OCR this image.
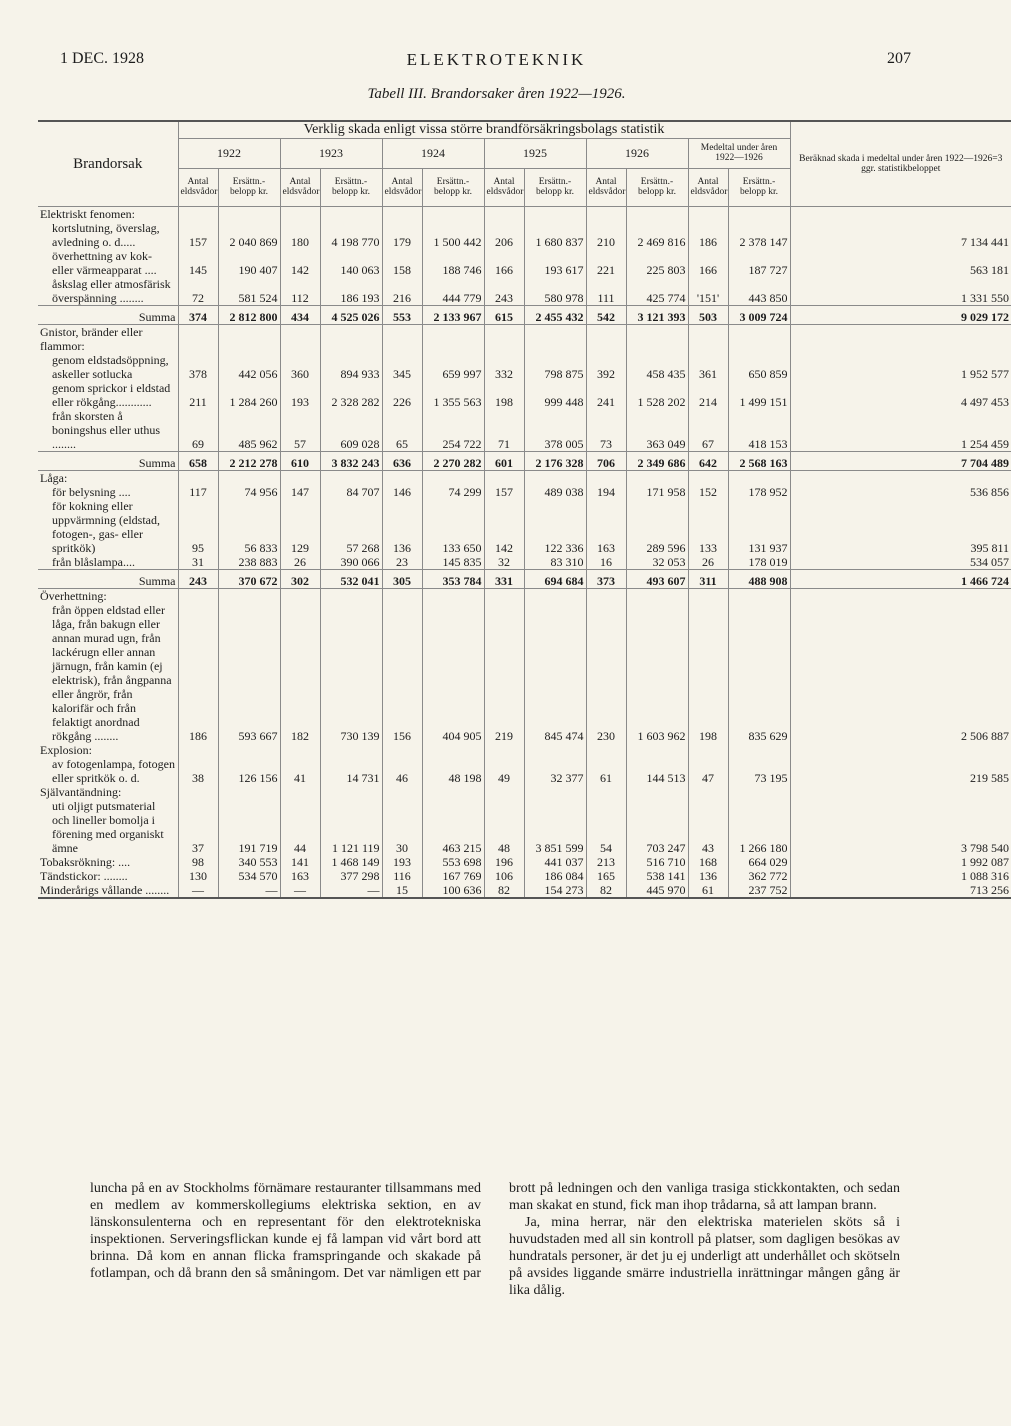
1 DEC. 1928	ELEKTROTEKNIK	207
Tabell III. Brandorsaker åren 1922—1926.
Brandorsak	Verklig skada enligt vissa större brandförsäkringsbolags statistik												Beräknad skada i medeltal under åren 1922—1926=3 ggr. statistikbeloppet
	1922		1923		1924		1925		1926		Medeltal under åren 1922—1926		
	Antal eldsvådor	Ersättn.-belopp kr.	Antal eldsvådor	Ersättn.-belopp kr.	Antal eldsvådor	Ersättn.-belopp kr.	Antal eldsvådor	Ersättn.-belopp kr.	Antal eldsvådor	Ersättn.-belopp kr.	Antal eldsvådor	Ersättn.-belopp kr.	
Elektriskt fenomen:
kortslutning, överslag, avledning o. d.....	157	2 040 869	180	4 198 770	179	1 500 442	206	1 680 837	210	2 469 816	186	2 378 147	7 134 441

överhettning av kok- eller värmeapparat ....	145	190 407	142	140 063	158	188 746	166	193 617	221	225 803	166	187 727	563 181

åskslag eller atmosfärisk överspänning ........	72	581 524	112	186 193	216	444 779	243	580 978	111	425 774	'151'	443 850	1 331 550

Summa	374	2 812 800	434	4 525 026	553	2 133 967	615	2 455 432	542	3 121 393	503	3 009 724	9 029 172
Gnistor, bränder eller flammor:
genom eldstadsöppning, askeller sotlucka	378	442 056	360	894 933	345	659 997	332	798 875	392	458 435	361	650 859	1 952 577

genom sprickor i eldstad eller rökgång............	211	1 284 260	193	2 328 282	226	1 355 563	198	999 448	241	1 528 202	214	1 499 151	4 497 453

från skorsten å boningshus eller uthus ........	69	485 962	57	609 028	65	254 722	71	378 005	73	363 049	67	418 153	1 254 459

Summa	658	2 212 278	610	3 832 243	636	2 270 282	601	2 176 328	706	2 349 686	642	2 568 163	7 704 489
Låga:
för belysning ....	117	74 956	147	84 707	146	74 299	157	489 038	194	171 958	152	178 952	536 856

för kokning eller uppvärmning (eldstad, fotogen-, gas- eller spritkök)	95	56 833	129	57 268	136	133 650	142	122 336	163	289 596	133	131 937	395 811

från blåslampa....	31	238 883	26	390 066	23	145 835	32	83 310	16	32 053	26	178 019	534 057

Summa	243	370 672	302	532 041	305	353 784	331	694 684	373	493 607	311	488 908	1 466 724
Överhettning:
från öppen eldstad eller låga, från bakugn eller annan murad ugn, från lackérugn eller annan järnugn, från kamin (ej elektrisk), från ångpanna eller ångrör, från kalorifär och från felaktigt anordnad rökgång ........	186	593 667	182	730 139	156	404 905	219	845 474	230	1 603 962	198	835 629	2 506 887
Explosion:
av fotogenlampa, fotogen eller spritkök o. d.	38	126 156	41	14 731	46	48 198	49	32 377	61	144 513	47	73 195	219 585
Självantändning:
uti oljigt putsmaterial och lineller bomolja i förening med organiskt ämne	37	191 719	44	1 121 119	30	463 215	48	3 851 599	54	703 247	43	1 266 180	3 798 540
Tobaksrökning: ....	98	340 553	141	1 468 149	193	553 698	196	441 037	213	516 710	168	664 029	1 992 087
Tändstickor: ........	130	534 570	163	377 298	116	167 769	106	186 084	165	538 141	136	362 772	1 088 316
Minderårigs vållande ........	—	—	—	—	15	100 636	82	154 273	82	445 970	61	237 752	713 256

luncha på en av Stockholms förnämare restauranter tillsammans med en medlem av kommerskollegiums elektriska sektion, en av länskonsulenterna och en representant för den elektrotekniska inspektionen. Serveringsflickan kunde ej få lampan vid vårt bord att brinna. Då kom en annan flicka framspringande och skakade på fotlampan, och då brann den så småningom. Det var nämligen ett par brott på ledningen och den vanliga trasiga stickkontakten, och sedan man skakat en stund, fick man ihop trådarna, så att lampan brann.

Ja, mina herrar, när den elektriska materielen sköts så i huvudstaden med all sin kontroll på platser, som dagligen besökas av hundratals personer, är det ju ej underligt att underhållet och skötseln på avsides liggande smärre industriella inrättningar mången gång är lika dålig.
